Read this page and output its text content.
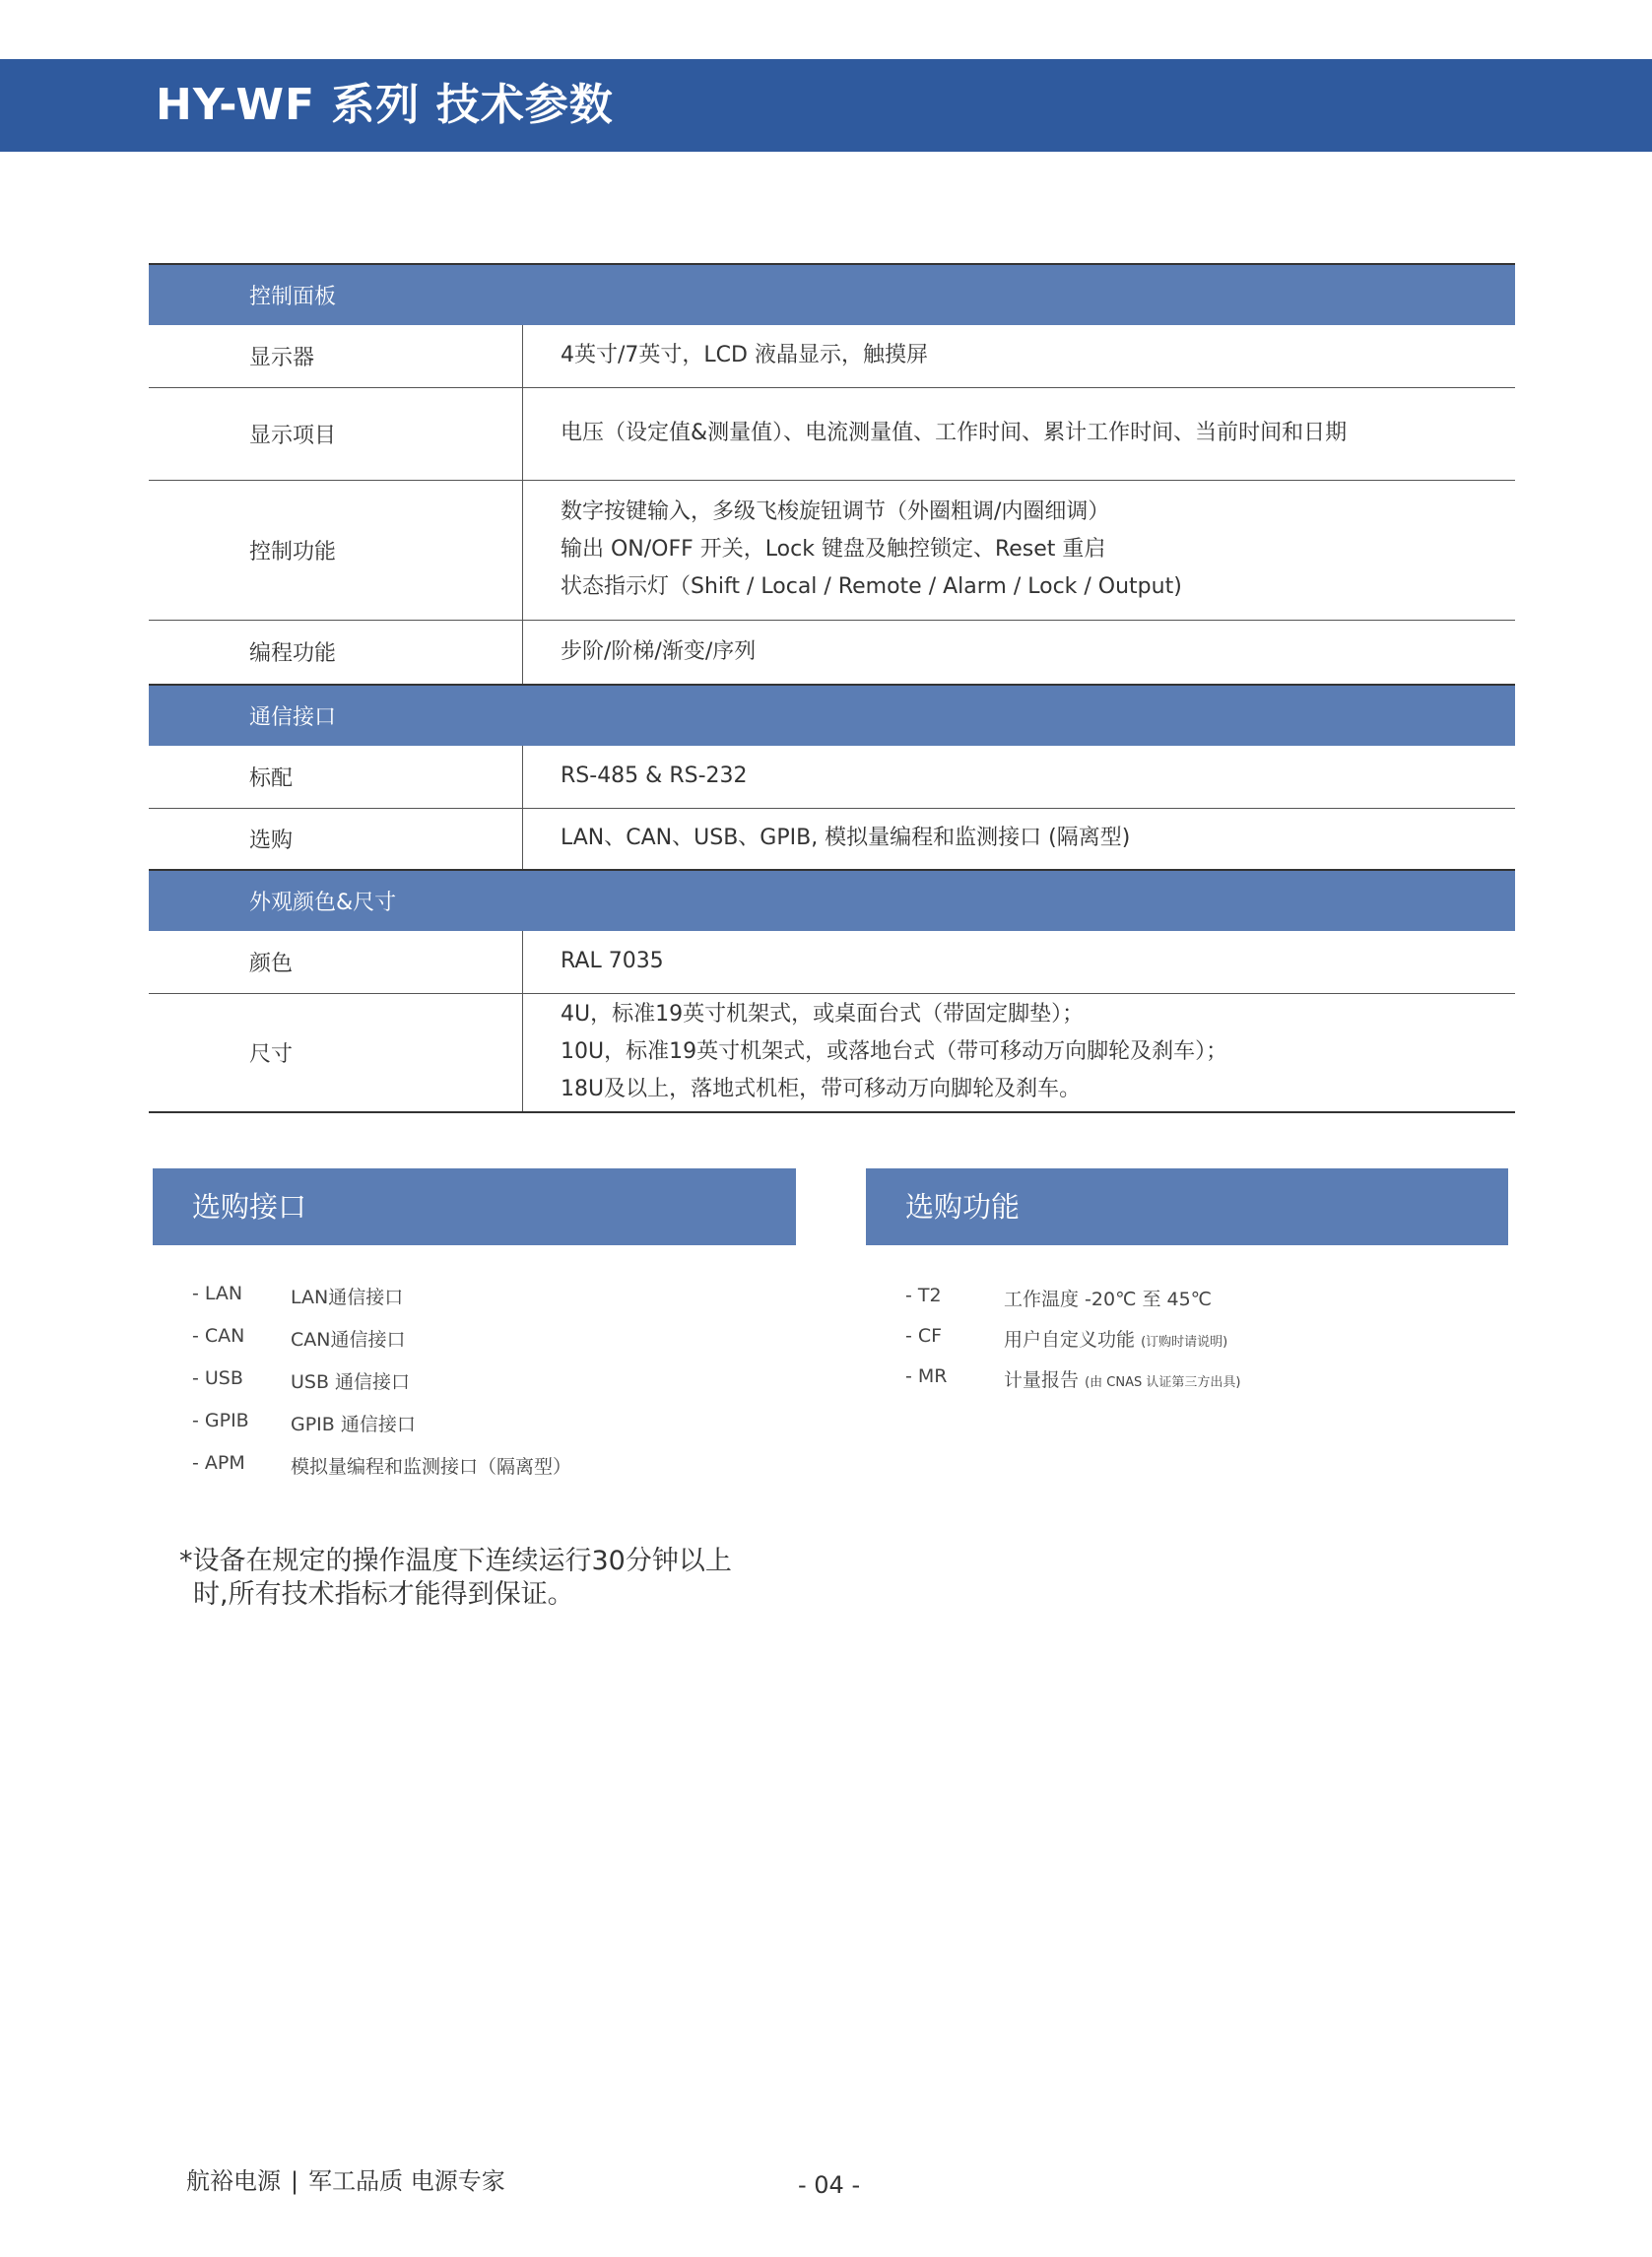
HY-WF 系列 技术参数
控制面板	
显示器	4英寸/7英寸，LCD 液晶显示，触摸屏

显示项目	电压（设定值&测量值）、电流测量值、工作时间、累计工作时间、当前时间和日期

控制功能	数字按键输入，多级飞梭旋钮调节（外圈粗调/内圈细调）
输出 ON/OFF 开关，Lock 键盘及触控锁定、Reset 重启
状态指示灯（Shift / Local / Remote / Alarm / Lock / Output)

编程功能	步阶/阶梯/渐变/序列

通信接口	
标配	RS-485 & RS-232

选购	LAN、CAN、USB、GPIB, 模拟量编程和监测接口 (隔离型)

外观颜色&尺寸	
颜色	RAL 7035

尺寸	4U，标准19英寸机架式，或桌面台式（带固定脚垫）；
10U，标准19英寸机架式，或落地台式（带可移动万向脚轮及刹车）；
18U及以上，落地式机柜，带可移动万向脚轮及刹车。
选购接口
- LAN	LAN通信接口
- CAN CAN通信接口
- USB	USB 通信接口
- GPIB GPIB 通信接口
- APM 模拟量编程和监测接口（隔离型）
选购功能
- T2	工作温度 -20℃ 至 45℃
- CF	用户自定义功能 (订购时请说明)
- MR	计量报告 (由 CNAS 认证第三方出具)
*设备在规定的操作温度下连续运行30分钟以上
时,所有技术指标才能得到保证。
航裕电源 | 军工品质 电源专家	- 04 -
